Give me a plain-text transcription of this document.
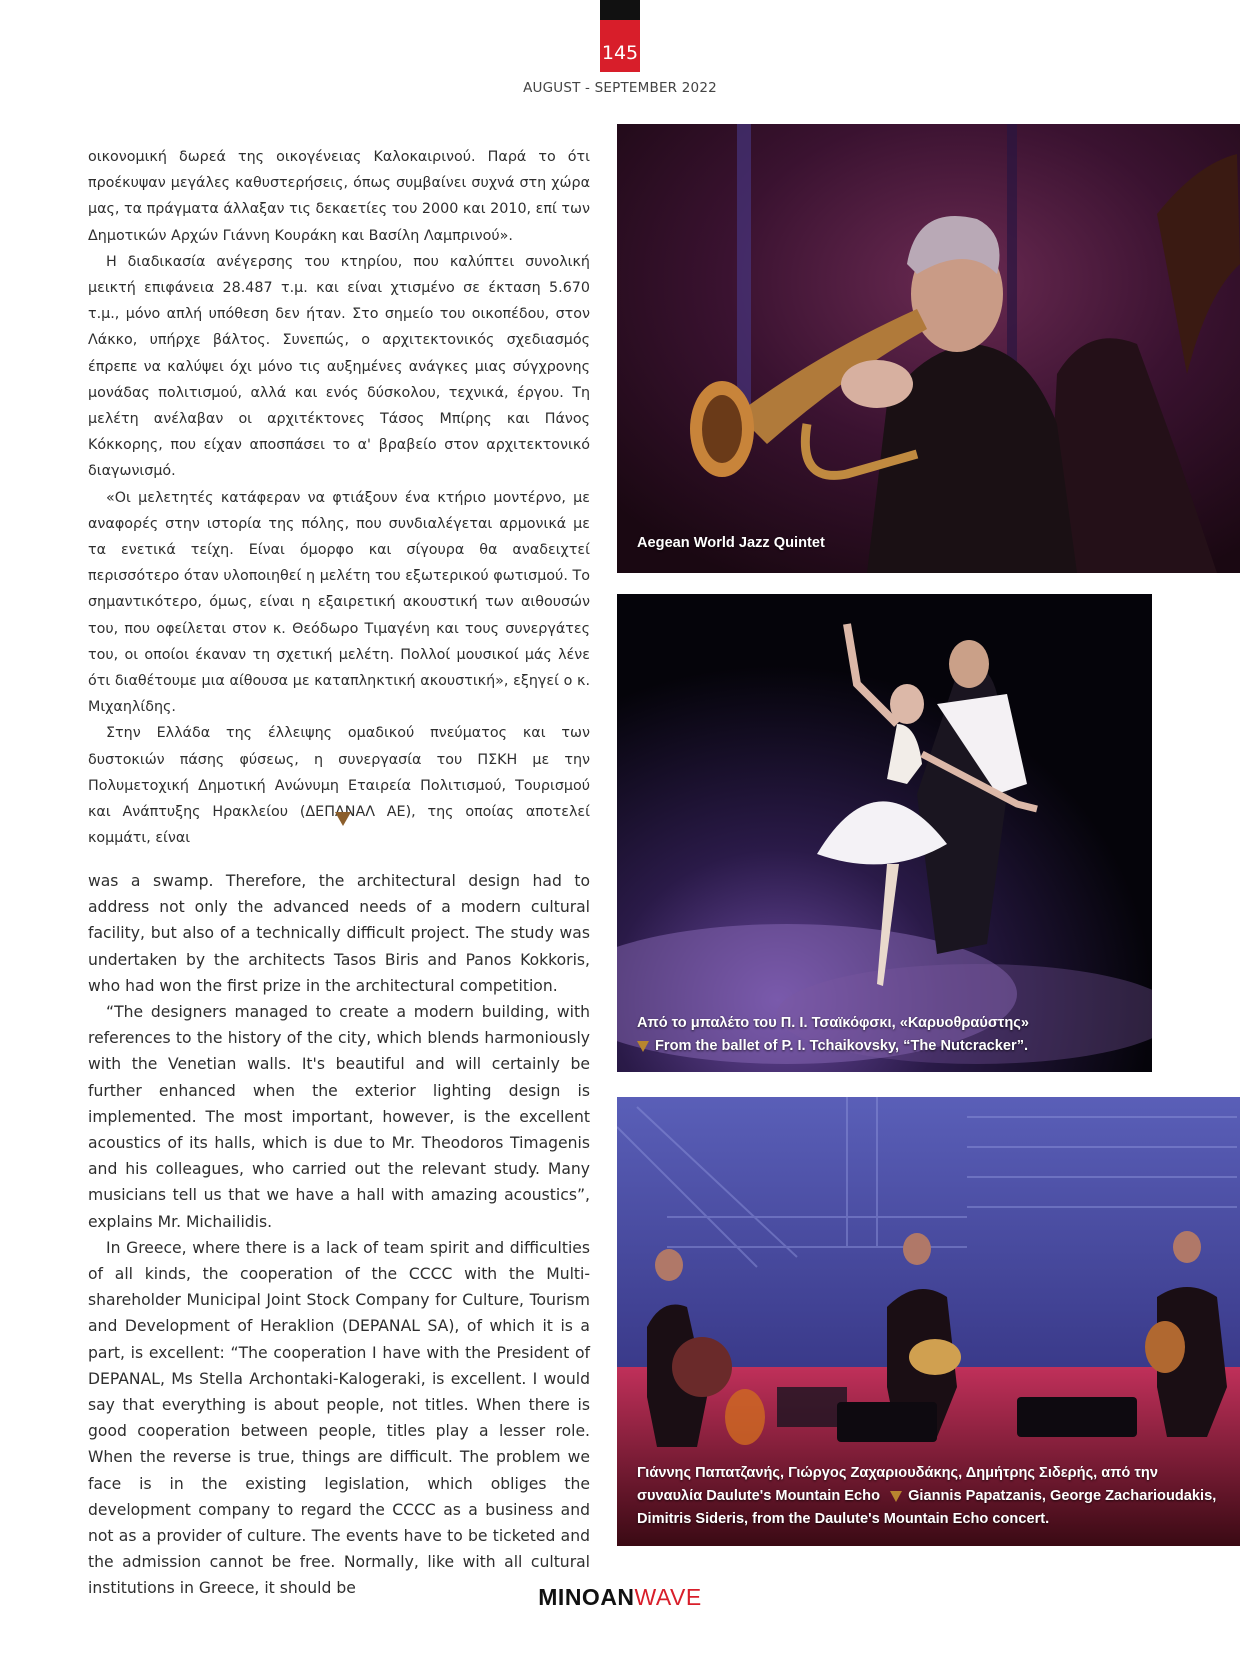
145
AUGUST - SEPTEMBER 2022

οικονομική δωρεά της οικογένειας Καλοκαιρινού. Παρά το ότι προέκυψαν μεγάλες καθυστερήσεις, όπως συμβαίνει συχνά στη χώρα μας, τα πράγματα άλλαξαν τις δεκαετίες του 2000 και 2010, επί των Δημοτικών Αρχών Γιάννη Κουράκη και Βασίλη Λαμπρινού».

Η διαδικασία ανέγερσης του κτηρίου, που καλύπτει συνολική μεικτή επιφάνεια 28.487 τ.μ. και είναι χτισμένο σε έκταση 5.670 τ.μ., μόνο απλή υπόθεση δεν ήταν. Στο σημείο του οικοπέδου, στον Λάκκο, υπήρχε βάλτος. Συνεπώς, ο αρχιτεκτονικός σχεδιασμός έπρεπε να καλύψει όχι μόνο τις αυξημένες ανάγκες μιας σύγχρονης μονάδας πολιτισμού, αλλά και ενός δύσκολου, τεχνικά, έργου. Τη μελέτη ανέλαβαν οι αρχιτέκτονες Τάσος Μπίρης και Πάνος Κόκκορης, που είχαν αποσπάσει το α' βραβείο στον αρχιτεκτονικό διαγωνισμό.

«Οι μελετητές κατάφεραν να φτιάξουν ένα κτήριο μοντέρνο, με αναφορές στην ιστορία της πόλης, που συνδιαλέγεται αρμονικά με τα ενετικά τείχη. Είναι όμορφο και σίγουρα θα αναδειχτεί περισσότερο όταν υλοποιηθεί η μελέτη του εξωτερικού φωτισμού. Το σημαντικότερο, όμως, είναι η εξαιρετική ακουστική των αιθουσών του, που οφείλεται στον κ. Θεόδωρο Τιμαγένη και τους συνεργάτες του, οι οποίοι έκαναν τη σχετική μελέτη. Πολλοί μουσικοί μάς λένε ότι διαθέτουμε μια αίθουσα με καταπληκτική ακουστική», εξηγεί ο κ. Μιχαηλίδης.

Στην Ελλάδα της έλλειψης ομαδικού πνεύματος και των δυστοκιών πάσης φύσεως, η συνεργασία του ΠΣΚΗ με την Πολυμετοχική Δημοτική Ανώνυμη Εταιρεία Πολιτισμού, Τουρισμού και Ανάπτυξης Ηρακλείου (ΔΕΠΑΝΑΛ ΑΕ), της οποίας αποτελεί κομμάτι, είναι

was a swamp. Therefore, the architectural design had to address not only the advanced needs of a modern cultural facility, but also of a technically difficult project. The study was undertaken by the architects Tasos Biris and Panos Kokkoris, who had won the first prize in the architectural competition.

“The designers managed to create a modern building, with references to the history of the city, which blends harmoniously with the Venetian walls. It's beautiful and will certainly be further enhanced when the exterior lighting design is implemented. The most important, however, is the excellent acoustics of its halls, which is due to Mr. Theodoros Timagenis and his colleagues, who carried out the relevant study. Many musicians tell us that we have a hall with amazing acoustics”, explains Mr. Michailidis.

In Greece, where there is a lack of team spirit and difficulties of all kinds, the cooperation of the CCCC with the Multi-shareholder Municipal Joint Stock Company for Culture, Tourism and Development of Heraklion (DEPANAL SA), of which it is a part, is excellent: “The cooperation I have with the President of DEPANAL, Ms Stella Archontaki-Kalogeraki, is excellent. I would say that everything is about people, not titles. When there is good cooperation between people, titles play a lesser role. When the reverse is true, things are difficult. The problem we face is in the existing legislation, which obliges the development company to regard the CCCC as a business and not as a provider of culture. The events have to be ticketed and the admission cannot be free. Normally, like with all cultural institutions in Greece, it should be

Aegean World Jazz Quintet
Από το μπαλέτο του Π. Ι. Τσαϊκόφσκι, «Καρυοθραύστης»
From the ballet of P. I. Tchaikovsky, “The Nutcracker”.
Γιάννης Παπατζανής, Γιώργος Ζαχαριουδάκης, Δημήτρης Σιδερής, από την συναυλία Daulute's Mountain Echo Giannis Papatzanis, George Zacharioudakis, Dimitris Sideris, from the Daulute's Mountain Echo concert.
MINOANWAVE
